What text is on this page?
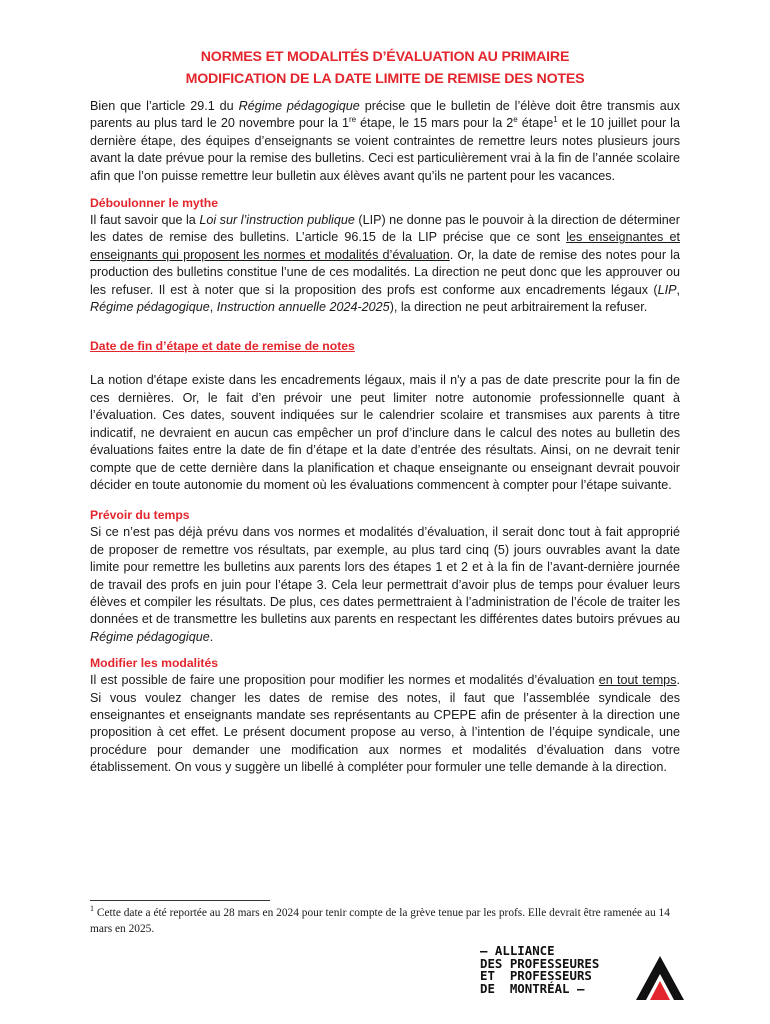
NORMES ET MODALITÉS D’ÉVALUATION AU PRIMAIRE
MODIFICATION DE LA DATE LIMITE DE REMISE DES NOTES

Bien que l’article 29.1 du Régime pédagogique précise que le bulletin de l’élève doit être transmis aux parents au plus tard le 20 novembre pour la 1re étape, le 15 mars pour la 2e étape$^1$ et le 10 juillet pour la dernière étape, des équipes d’enseignants se voient contraintes de remettre leurs notes plusieurs jours avant la date prévue pour la remise des bulletins. Ceci est particulièrement vrai à la fin de l’année scolaire afin que l’on puisse remettre leur bulletin aux élèves avant qu’ils ne partent pour les vacances.

Déboulonner le mythe

Il faut savoir que la Loi sur l’instruction publique (LIP) ne donne pas le pouvoir à la direction de déterminer les dates de remise des bulletins. L’article 96.15 de la LIP précise que ce sont les enseignantes et enseignants qui proposent les normes et modalités d’évaluation. Or, la date de remise des notes pour la production des bulletins constitue l’une de ces modalités. La direction ne peut donc que les approuver ou les refuser. Il est à noter que si la proposition des profs est conforme aux encadrements légaux (LIP, Régime pédagogique, Instruction annuelle 2024-2025), la direction ne peut arbitrairement la refuser.

Date de fin d’étape et date de remise de notes

La notion d'étape existe dans les encadrements légaux, mais il n'y a pas de date prescrite pour la fin de ces dernières. Or, le fait d’en prévoir une peut limiter notre autonomie professionnelle quant à l’évaluation. Ces dates, souvent indiquées sur le calendrier scolaire et transmises aux parents à titre indicatif, ne devraient en aucun cas empêcher un prof d’inclure dans le calcul des notes au bulletin des évaluations faites entre la date de fin d’étape et la date d’entrée des résultats. Ainsi, on ne devrait tenir compte que de cette dernière dans la planification et chaque enseignante ou enseignant devrait pouvoir décider en toute autonomie du moment où les évaluations commencent à compter pour l’étape suivante.

Prévoir du temps

Si ce n’est pas déjà prévu dans vos normes et modalités d’évaluation, il serait donc tout à fait approprié de proposer de remettre vos résultats, par exemple, au plus tard cinq (5) jours ouvrables avant la date limite pour remettre les bulletins aux parents lors des étapes 1 et 2 et à la fin de l’avant-dernière journée de travail des profs en juin pour l’étape 3. Cela leur permettrait d’avoir plus de temps pour évaluer leurs élèves et compiler les résultats. De plus, ces dates permettraient à l’administration de l’école de traiter les données et de transmettre les bulletins aux parents en respectant les différentes dates butoirs prévues au Régime pédagogique.

Modifier les modalités

Il est possible de faire une proposition pour modifier les normes et modalités d’évaluation en tout temps. Si vous voulez changer les dates de remise des notes, il faut que l’assemblée syndicale des enseignantes et enseignants mandate ses représentants au CPEPE afin de présenter à la direction une proposition à cet effet. Le présent document propose au verso, à l’intention de l’équipe syndicale, une procédure pour demander une modification aux normes et modalités d’évaluation dans votre établissement. On vous y suggère un libellé à compléter pour formuler une telle demande à la direction.

$^1$ Cette date a été reportée au 28 mars en 2024 pour tenir compte de la grève tenue par les profs. Elle devrait être ramenée au 14 mars en 2025.
— ALLIANCE
DES PROFESSEURES
ET  PROFESSEURS
DE  MONTRÉAL —
